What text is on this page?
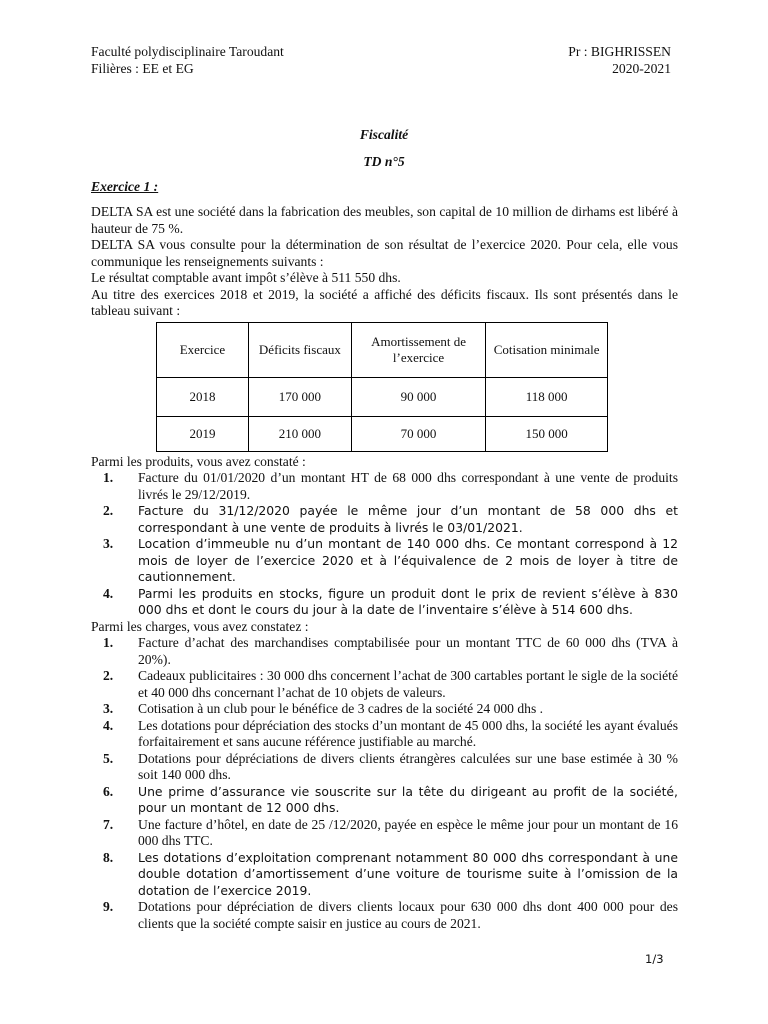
Faculté polydisciplinaire Taroudant
Filières : EE et EG
Pr : BIGHRISSEN
2020-2021
Fiscalité
TD n°5
Exercice 1 :

DELTA SA est une société dans la fabrication des meubles, son capital de 10 million de dirhams est libéré à hauteur de 75 %.

DELTA SA vous consulte pour la détermination de son résultat de l’exercice 2020. Pour cela, elle vous communique les renseignements suivants :

Le résultat comptable avant impôt s’élève à 511 550 dhs.

Au titre des exercices 2018 et 2019, la société a affiché des déficits fiscaux. Ils sont présentés dans le tableau suivant :

Exercice	Déficits fiscaux	Amortissement de l’exercice	Cotisation minimale
2018	170 000	90 000	118 000
2019	210 000	70 000	150 000

Parmi les produits, vous avez constaté :

1. Facture du 01/01/2020 d’un montant HT de 68 000 dhs correspondant à une vente de produits livrés le 29/12/2019.
2. Facture du 31/12/2020 payée le même jour d’un montant de 58 000 dhs et correspondant à une vente de produits à livrés le 03/01/2021.
3. Location d’immeuble nu d’un montant de 140 000 dhs. Ce montant correspond à 12 mois de loyer de l’exercice 2020 et à l’équivalence de 2 mois de loyer à titre de cautionnement.
4. Parmi les produits en stocks, figure un produit dont le prix de revient s’élève à 830 000 dhs et dont le cours du jour à la date de l’inventaire s’élève à 514 600 dhs.

Parmi les charges, vous avez constatez :

1. Facture d’achat des marchandises comptabilisée pour un montant TTC de 60 000 dhs (TVA à 20%).
2. Cadeaux publicitaires : 30 000 dhs concernent l’achat de 300 cartables portant le sigle de la société et 40 000 dhs concernant l’achat de 10 objets de valeurs.
3. Cotisation à un club pour le bénéfice de 3 cadres de la société 24 000 dhs .
4. Les dotations pour dépréciation des stocks d’un montant de 45 000 dhs, la société les ayant évalués forfaitairement et sans aucune référence justifiable au marché.
5. Dotations pour dépréciations de divers clients étrangères calculées sur une base estimée à 30 % soit 140 000 dhs.
6. Une prime d’assurance vie souscrite sur la tête du dirigeant au profit de la société, pour un montant de 12 000 dhs.
7. Une facture d’hôtel, en date de 25 /12/2020, payée en espèce le même jour pour un montant de 16 000 dhs TTC.
8. Les dotations d’exploitation comprenant notamment 80 000 dhs correspondant à une double dotation d’amortissement d’une voiture de tourisme suite à l’omission de la dotation de l’exercice 2019.
9. Dotations pour dépréciation de divers clients locaux pour 630 000 dhs dont 400 000 pour des clients que la société compte saisir en justice au cours de 2021.
1/3
